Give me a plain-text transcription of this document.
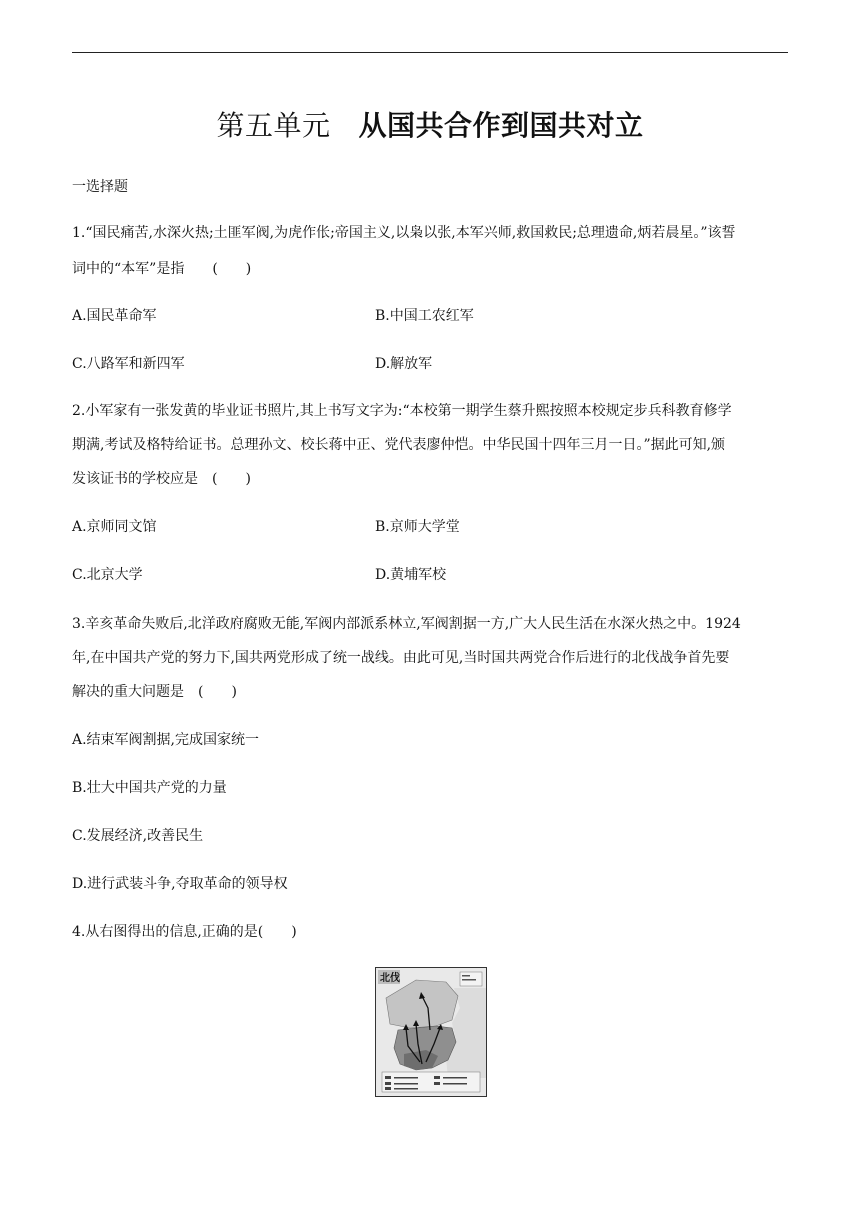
第五单元 从国共合作到国共对立
一选择题
1.“国民痛苦,水深火热;土匪军阀,为虎作伥;帝国主义,以枭以张,本军兴师,救国救民;总理遗命,炳若晨星。”该誓
词中的“本军”是指　　(　　)
A.国民革命军	B.中国工农红军
C.八路军和新四军	D.解放军
2.小军家有一张发黄的毕业证书照片,其上书写文字为:“本校第一期学生蔡升熙按照本校规定步兵科教育修学
期满,考试及格特给证书。总理孙文、校长蒋中正、党代表廖仲恺。中华民国十四年三月一日。”据此可知,颁
发该证书的学校应是　(　　)
A.京师同文馆	B.京师大学堂
C.北京大学	D.黄埔军校
3.辛亥革命失败后,北洋政府腐败无能,军阀内部派系林立,军阀割据一方,广大人民生活在水深火热之中。1924
年,在中国共产党的努力下,国共两党形成了统一战线。由此可见,当时国共两党合作后进行的北伐战争首先要
解决的重大问题是　(　　)
A.结束军阀割据,完成国家统一
B.壮大中国共产党的力量
C.发展经济,改善民生
D.进行武装斗争,夺取革命的领导权
4.从右图得出的信息,正确的是(　　)
北伐
